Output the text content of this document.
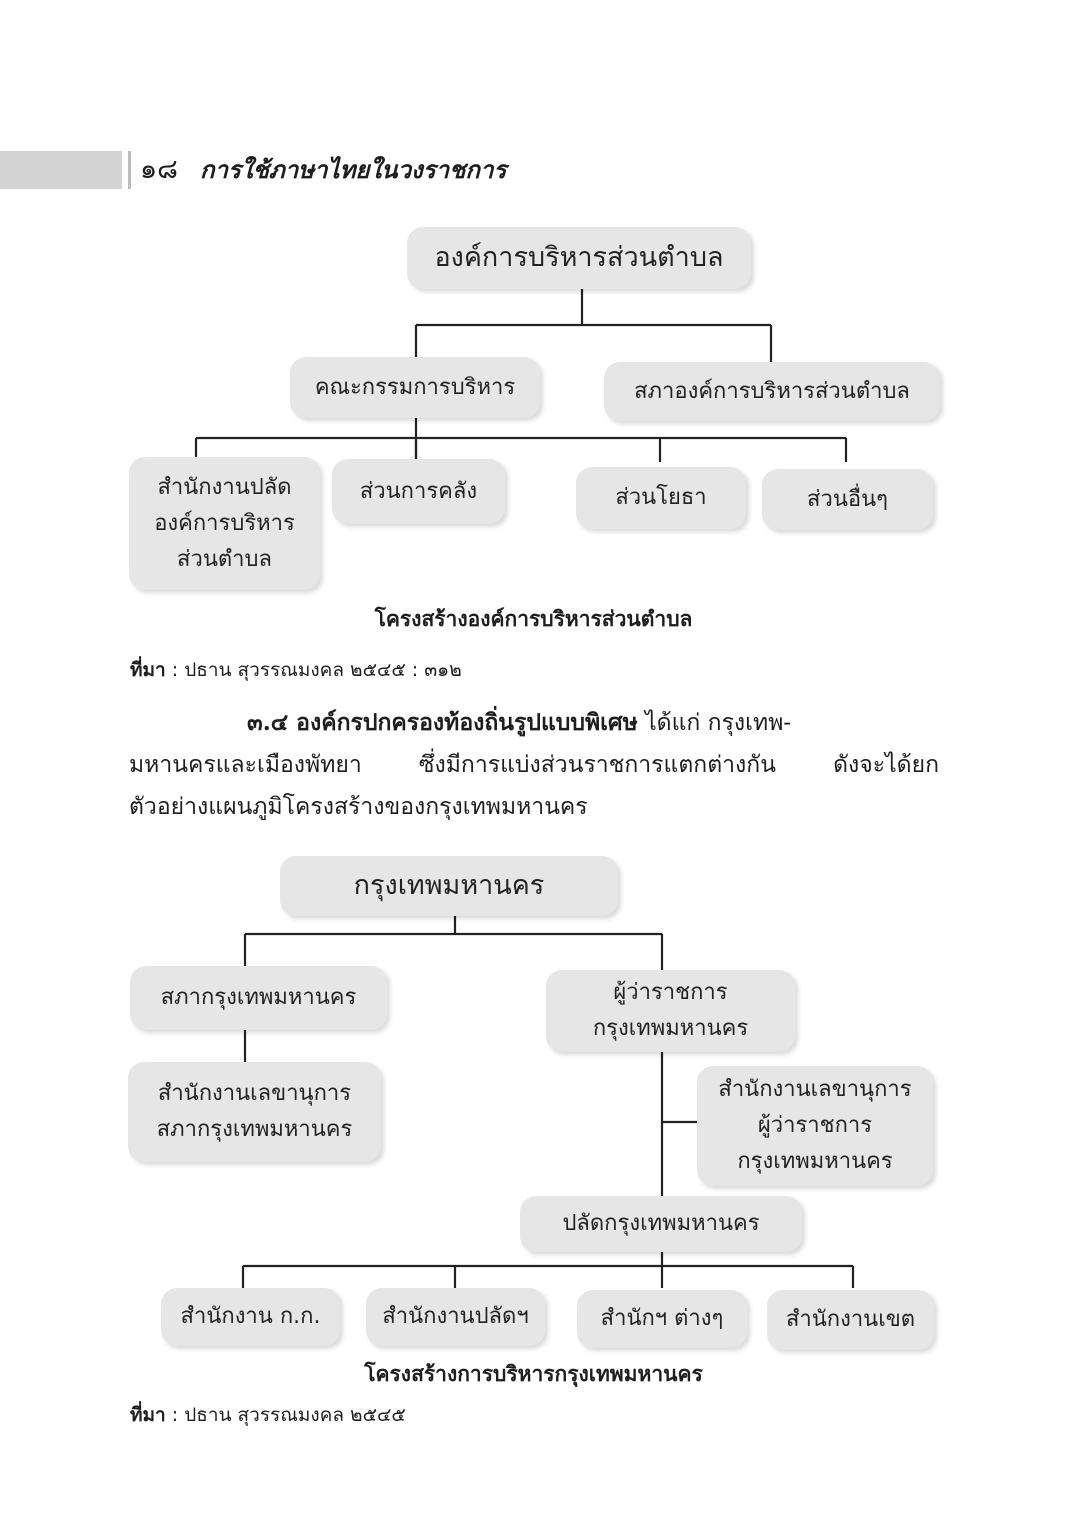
๑๘ การใช้ภาษาไทยในวงราชการ
องค์การบริหารส่วนตำบล
คณะกรรมการบริหาร	สภาองค์การบริหารส่วนตำบล
สำนักงานปลัด
องค์การบริหาร
ส่วนตำบล
ส่วนการคลัง	ส่วนโยธา	ส่วนอื่นๆ
โครงสร้างองค์การบริหารส่วนตำบล
ที่มา : ปธาน สุวรรณมงคล ๒๕๔๕ : ๓๑๒
๓.๔ องค์กรปกครองท้องถิ่นรูปแบบพิเศษ ได้แก่ กรุงเทพ-
มหานครและเมืองพัทยา ซึ่งมีการแบ่งส่วนราชการแตกต่างกัน ดังจะได้ยก
ตัวอย่างแผนภูมิโครงสร้างของกรุงเทพมหานคร
กรุงเทพมหานคร
สภากรุงเทพมหานคร	ผู้ว่าราชการ
กรุงเทพมหานคร
สำนักงานเลขานุการ
สภากรุงเทพมหานคร
สำนักงานเลขานุการ
ผู้ว่าราชการ
กรุงเทพมหานคร
ปลัดกรุงเทพมหานคร
สำนักงาน ก.ก.	สำนักงานปลัดฯ	สำนักฯ ต่างๆ	สำนักงานเขต
โครงสร้างการบริหารกรุงเทพมหานคร
ที่มา : ปธาน สุวรรณมงคล ๒๕๔๕
